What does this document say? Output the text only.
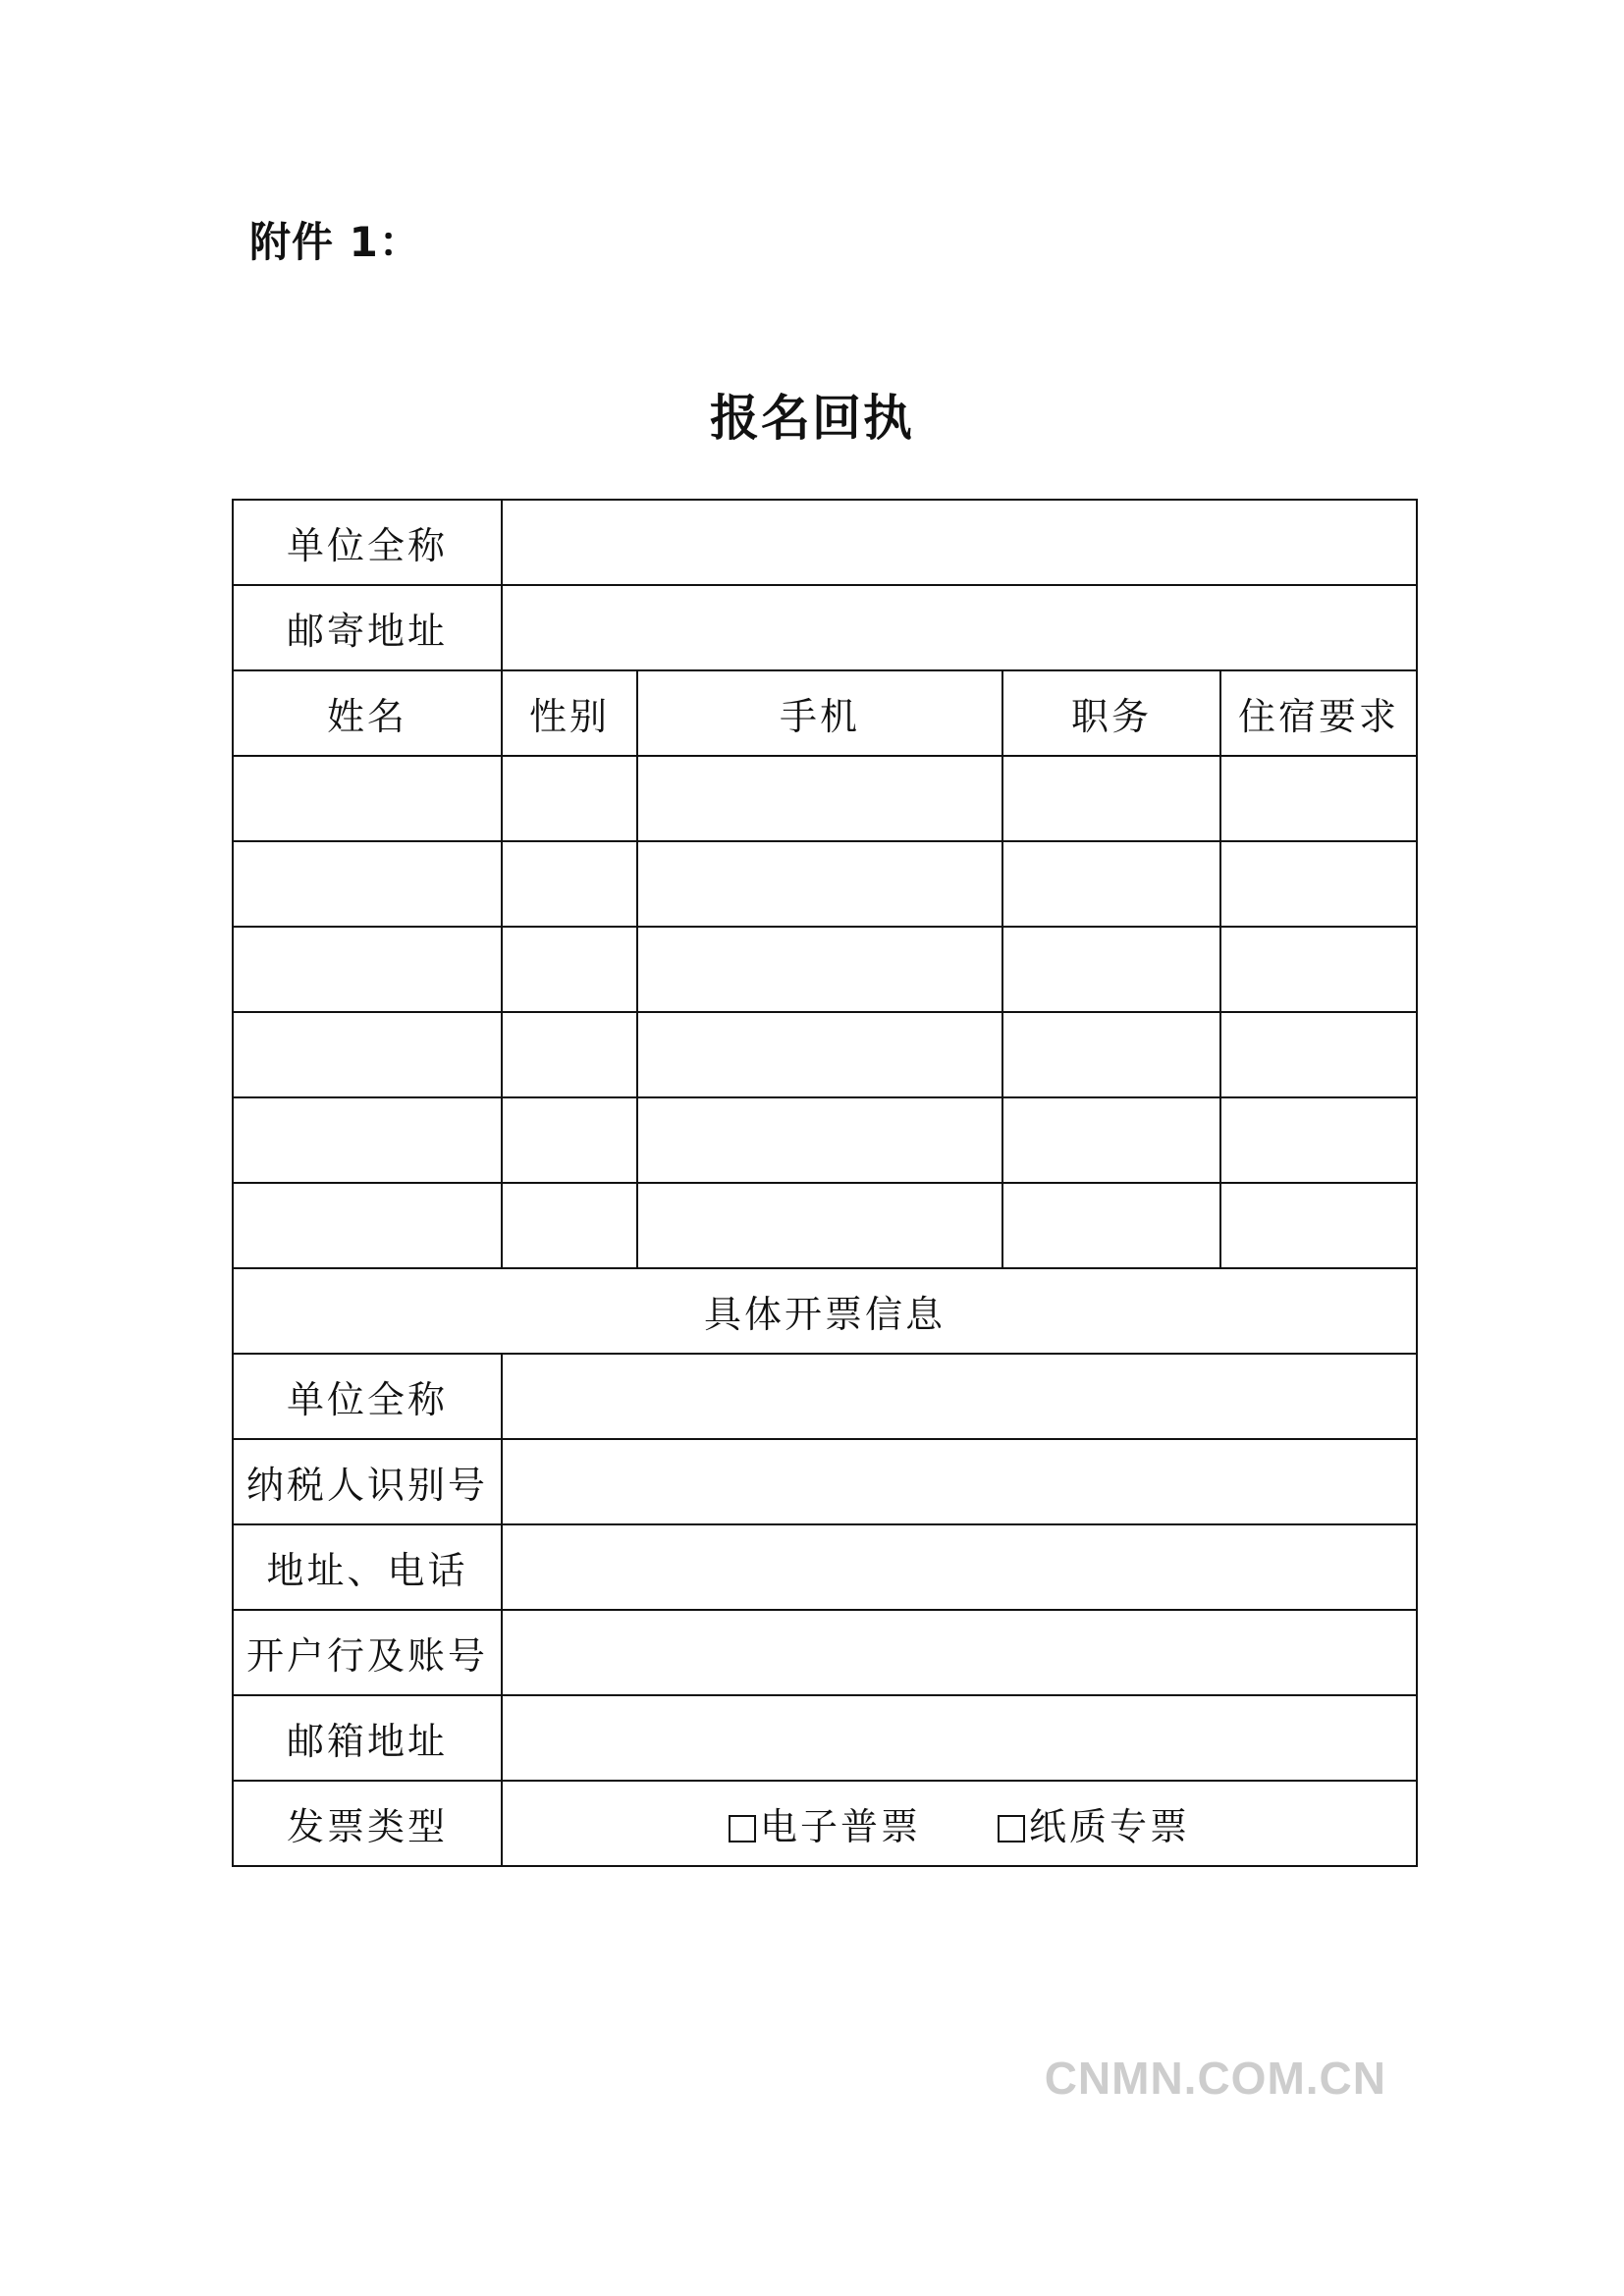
附件 1：
报名回执
单位全称				
邮寄地址				
姓名	性别	手机	职务	住宿要求

具体开票信息				
单位全称				
纳税人识别号				
地址、电话				
开户行及账号				
邮箱地址				
发票类型	电子普票 纸质专票			
CNMN.COM.CN
